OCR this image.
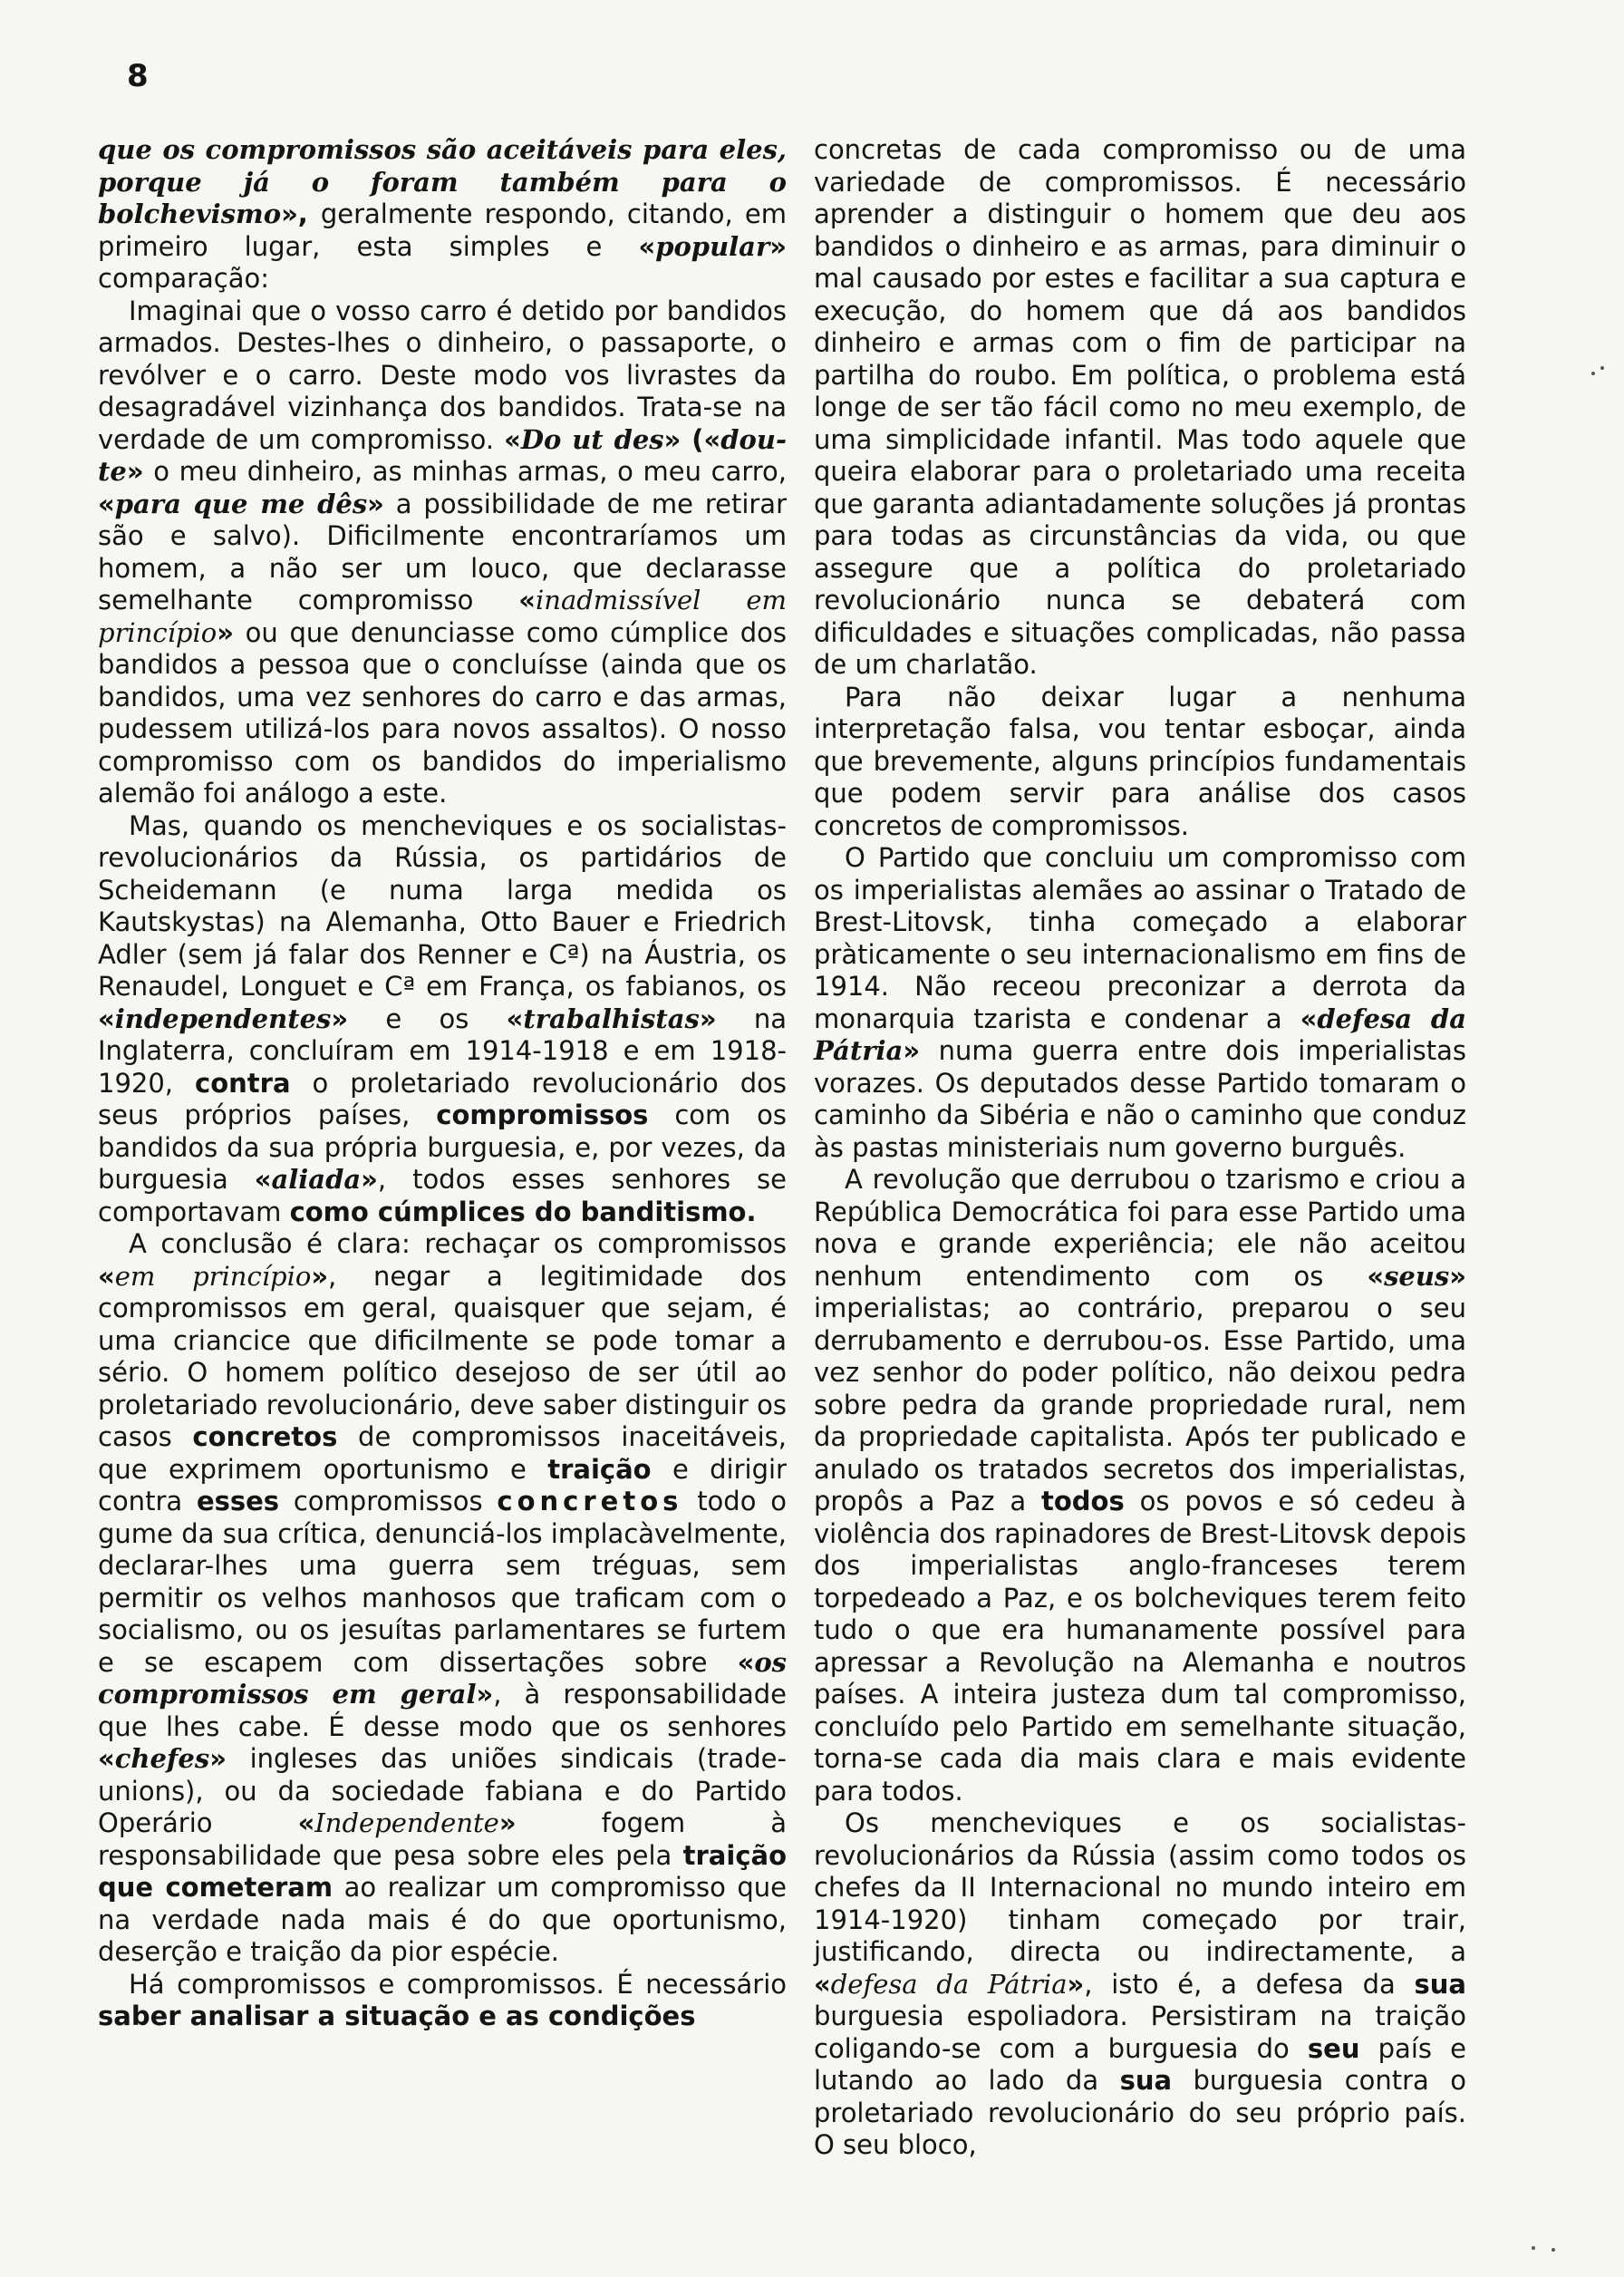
8

que os compromissos são aceitáveis para eles, porque já o foram também para o bolchevismo», geralmente respondo, citando, em primeiro lugar, esta simples e «popular» comparação:

Imaginai que o vosso carro é detido por bandidos armados. Destes-lhes o dinheiro, o passaporte, o revólver e o carro. Deste modo vos livrastes da desagradável vizinhança dos bandidos. Trata-se na verdade de um compromisso. «Do ut des» («dou-te» o meu dinheiro, as minhas armas, o meu carro, «para que me dês» a possibilidade de me retirar são e salvo). Dificilmente encontraríamos um homem, a não ser um louco, que declarasse semelhante compromisso «inadmissível em princípio» ou que denunciasse como cúmplice dos bandidos a pessoa que o concluísse (ainda que os bandidos, uma vez senhores do carro e das armas, pudessem utilizá-los para novos assaltos). O nosso compromisso com os bandidos do imperialismo alemão foi análogo a este.

Mas, quando os mencheviques e os socialistas-revolucionários da Rússia, os partidários de Scheidemann (e numa larga medida os Kautskystas) na Alemanha, Otto Bauer e Friedrich Adler (sem já falar dos Renner e Cª) na Áustria, os Renaudel, Longuet e Cª em França, os fabianos, os «independentes» e os «trabalhistas» na Inglaterra, concluíram em 1914-1918 e em 1918-1920, contra o proletariado revolucionário dos seus próprios países, compromissos com os bandidos da sua própria burguesia, e, por vezes, da burguesia «aliada», todos esses senhores se comportavam como cúmplices do banditismo.

A conclusão é clara: rechaçar os compromissos «em princípio», negar a legitimidade dos compromissos em geral, quaisquer que sejam, é uma criancice que dificilmente se pode tomar a sério. O homem político desejoso de ser útil ao proletariado revolucionário, deve saber distinguir os casos concretos de compromissos inaceitáveis, que exprimem oportunismo e traição e dirigir contra esses compromissos concretos todo o gume da sua crítica, denunciá-los implacàvelmente, declarar-lhes uma guerra sem tréguas, sem permitir os velhos manhosos que traficam com o socialismo, ou os jesuítas parlamentares se furtem e se escapem com dissertações sobre «os compromissos em geral», à responsabilidade que lhes cabe. É desse modo que os senhores «chefes» ingleses das uniões sindicais (trade-unions), ou da sociedade fabiana e do Partido Operário «Independente» fogem à responsabilidade que pesa sobre eles pela traição que cometeram ao realizar um compromisso que na verdade nada mais é do que oportunismo, deserção e traição da pior espécie.

Há compromissos e compromissos. É necessário saber analisar a situação e as condições

concretas de cada compromisso ou de uma variedade de compromissos. É necessário aprender a distinguir o homem que deu aos bandidos o dinheiro e as armas, para diminuir o mal causado por estes e facilitar a sua captura e execução, do homem que dá aos bandidos dinheiro e armas com o fim de participar na partilha do roubo. Em política, o problema está longe de ser tão fácil como no meu exemplo, de uma simplicidade infantil. Mas todo aquele que queira elaborar para o proletariado uma receita que garanta adiantadamente soluções já prontas para todas as circunstâncias da vida, ou que assegure que a política do proletariado revolucionário nunca se debaterá com dificuldades e situações complicadas, não passa de um charlatão.

Para não deixar lugar a nenhuma interpretação falsa, vou tentar esboçar, ainda que brevemente, alguns princípios fundamentais que podem servir para análise dos casos concretos de compromissos.

O Partido que concluiu um compromisso com os imperialistas alemães ao assinar o Tratado de Brest-Litovsk, tinha começado a elaborar pràticamente o seu internacionalismo em fins de 1914. Não receou preconizar a derrota da monarquia tzarista e condenar a «defesa da Pátria» numa guerra entre dois imperialistas vorazes. Os deputados desse Partido tomaram o caminho da Sibéria e não o caminho que conduz às pastas ministeriais num governo burguês.

A revolução que derrubou o tzarismo e criou a República Democrática foi para esse Partido uma nova e grande experiência; ele não aceitou nenhum entendimento com os «seus» imperialistas; ao contrário, preparou o seu derrubamento e derrubou-os. Esse Partido, uma vez senhor do poder político, não deixou pedra sobre pedra da grande propriedade rural, nem da propriedade capitalista. Após ter publicado e anulado os tratados secretos dos imperialistas, propôs a Paz a todos os povos e só cedeu à violência dos rapinadores de Brest-Litovsk depois dos imperialistas anglo-franceses terem torpedeado a Paz, e os bolcheviques terem feito tudo o que era humanamente possível para apressar a Revolução na Alemanha e noutros países. A inteira justeza dum tal compromisso, concluído pelo Partido em semelhante situação, torna-se cada dia mais clara e mais evidente para todos.

Os mencheviques e os socialistas-revolucionários da Rússia (assim como todos os chefes da II Internacional no mundo inteiro em 1914-1920) tinham começado por trair, justificando, directa ou indirectamente, a «defesa da Pátria», isto é, a defesa da sua burguesia espoliadora. Persistiram na traição coligando-se com a burguesia do seu país e lutando ao lado da sua burguesia contra o proletariado revolucionário do seu próprio país. O seu bloco,
